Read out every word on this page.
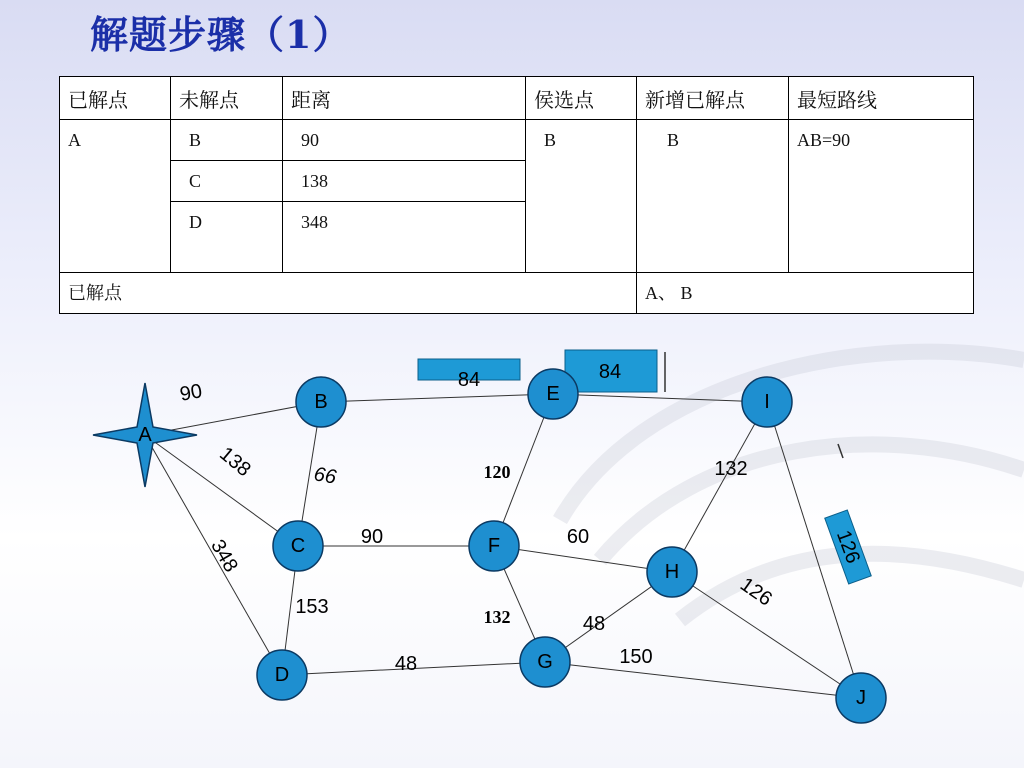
解题步骤（1）
已解点	未解点	距离	侯选点	新增已解点	最短路线
A	B	90	B	B	AB=90
	C	138			
	D	348			
已解点				A、 B	
A
B
C
D
E
F
G
H
I
J
90
138
348
66
84
90
153
120
84
60
132
48
48
150
132
126
126
